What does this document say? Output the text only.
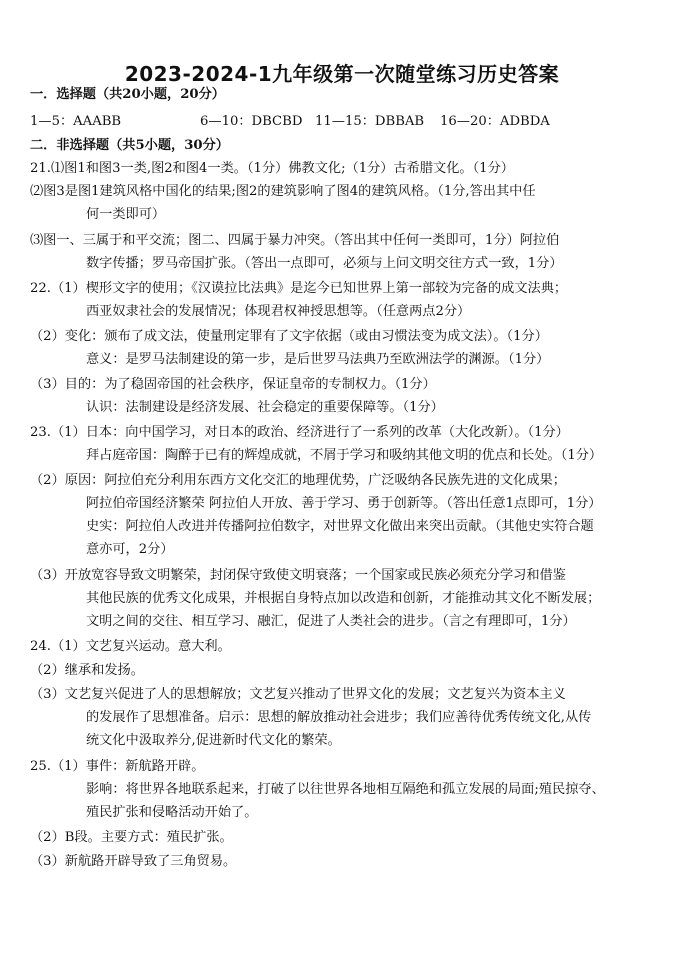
2023-2024-1九年级第一次随堂练习历史答案
一．选择题（共20小题，20分）
1—5：AAABB	6—10：DBCBD 11—15：DBBAB 16—20：ADBDA
二．非选择题（共5小题，30分）
21.⑴图1和图3一类,图2和图4一类。（1分）佛教文化;（1分）古希腊文化。（1分）
⑵图3是图1建筑风格中国化的结果;图2的建筑影响了图4的建筑风格。（1分,答出其中任
何一类即可）
⑶图一、三属于和平交流；图二、四属于暴力冲突。（答出其中任何一类即可，1分）阿拉伯
数字传播；罗马帝国扩张。（答出一点即可，必须与上问文明交往方式一致，1分）
22.（1）楔形文字的使用；《汉谟拉比法典》是迄今已知世界上第一部较为完备的成文法典；
西亚奴隶社会的发展情况；体现君权神授思想等。（任意两点2分）
（2）变化：颁布了成文法，使量刑定罪有了文字依据（或由习惯法变为成文法）。（1分）
意义：是罗马法制建设的第一步，是后世罗马法典乃至欧洲法学的渊源。（1分）
（3）目的：为了稳固帝国的社会秩序，保证皇帝的专制权力。（1分）
认识：法制建设是经济发展、社会稳定的重要保障等。（1分）
23.（1）日本：向中国学习，对日本的政治、经济进行了一系列的改革（大化改新）。（1分）
拜占庭帝国：陶醉于已有的辉煌成就，不屑于学习和吸纳其他文明的优点和长处。（1分）
（2）原因：阿拉伯充分利用东西方文化交汇的地理优势，广泛吸纳各民族先进的文化成果；
阿拉伯帝国经济繁荣 阿拉伯人开放、善于学习、勇于创新等。（答出任意1点即可，1分）
史实：阿拉伯人改进并传播阿拉伯数字，对世界文化做出来突出贡献。（其他史实符合题
意亦可，2分）
（3）开放宽容导致文明繁荣，封闭保守致使文明衰落；一个国家或民族必须充分学习和借鉴
其他民族的优秀文化成果，并根据自身特点加以改造和创新，才能推动其文化不断发展；
文明之间的交往、相互学习、融汇，促进了人类社会的进步。（言之有理即可，1分）
24.（1）文艺复兴运动。意大利。
（2）继承和发扬。
（3）文艺复兴促进了人的思想解放；文艺复兴推动了世界文化的发展；文艺复兴为资本主义
的发展作了思想准备。启示：思想的解放推动社会进步；我们应善待优秀传统文化,从传
统文化中汲取养分,促进新时代文化的繁荣。
25.（1）事件：新航路开辟。
影响：将世界各地联系起来，打破了以往世界各地相互隔绝和孤立发展的局面;殖民掠夺、
殖民扩张和侵略活动开始了。
（2）B段。主要方式：殖民扩张。
（3）新航路开辟导致了三角贸易。
